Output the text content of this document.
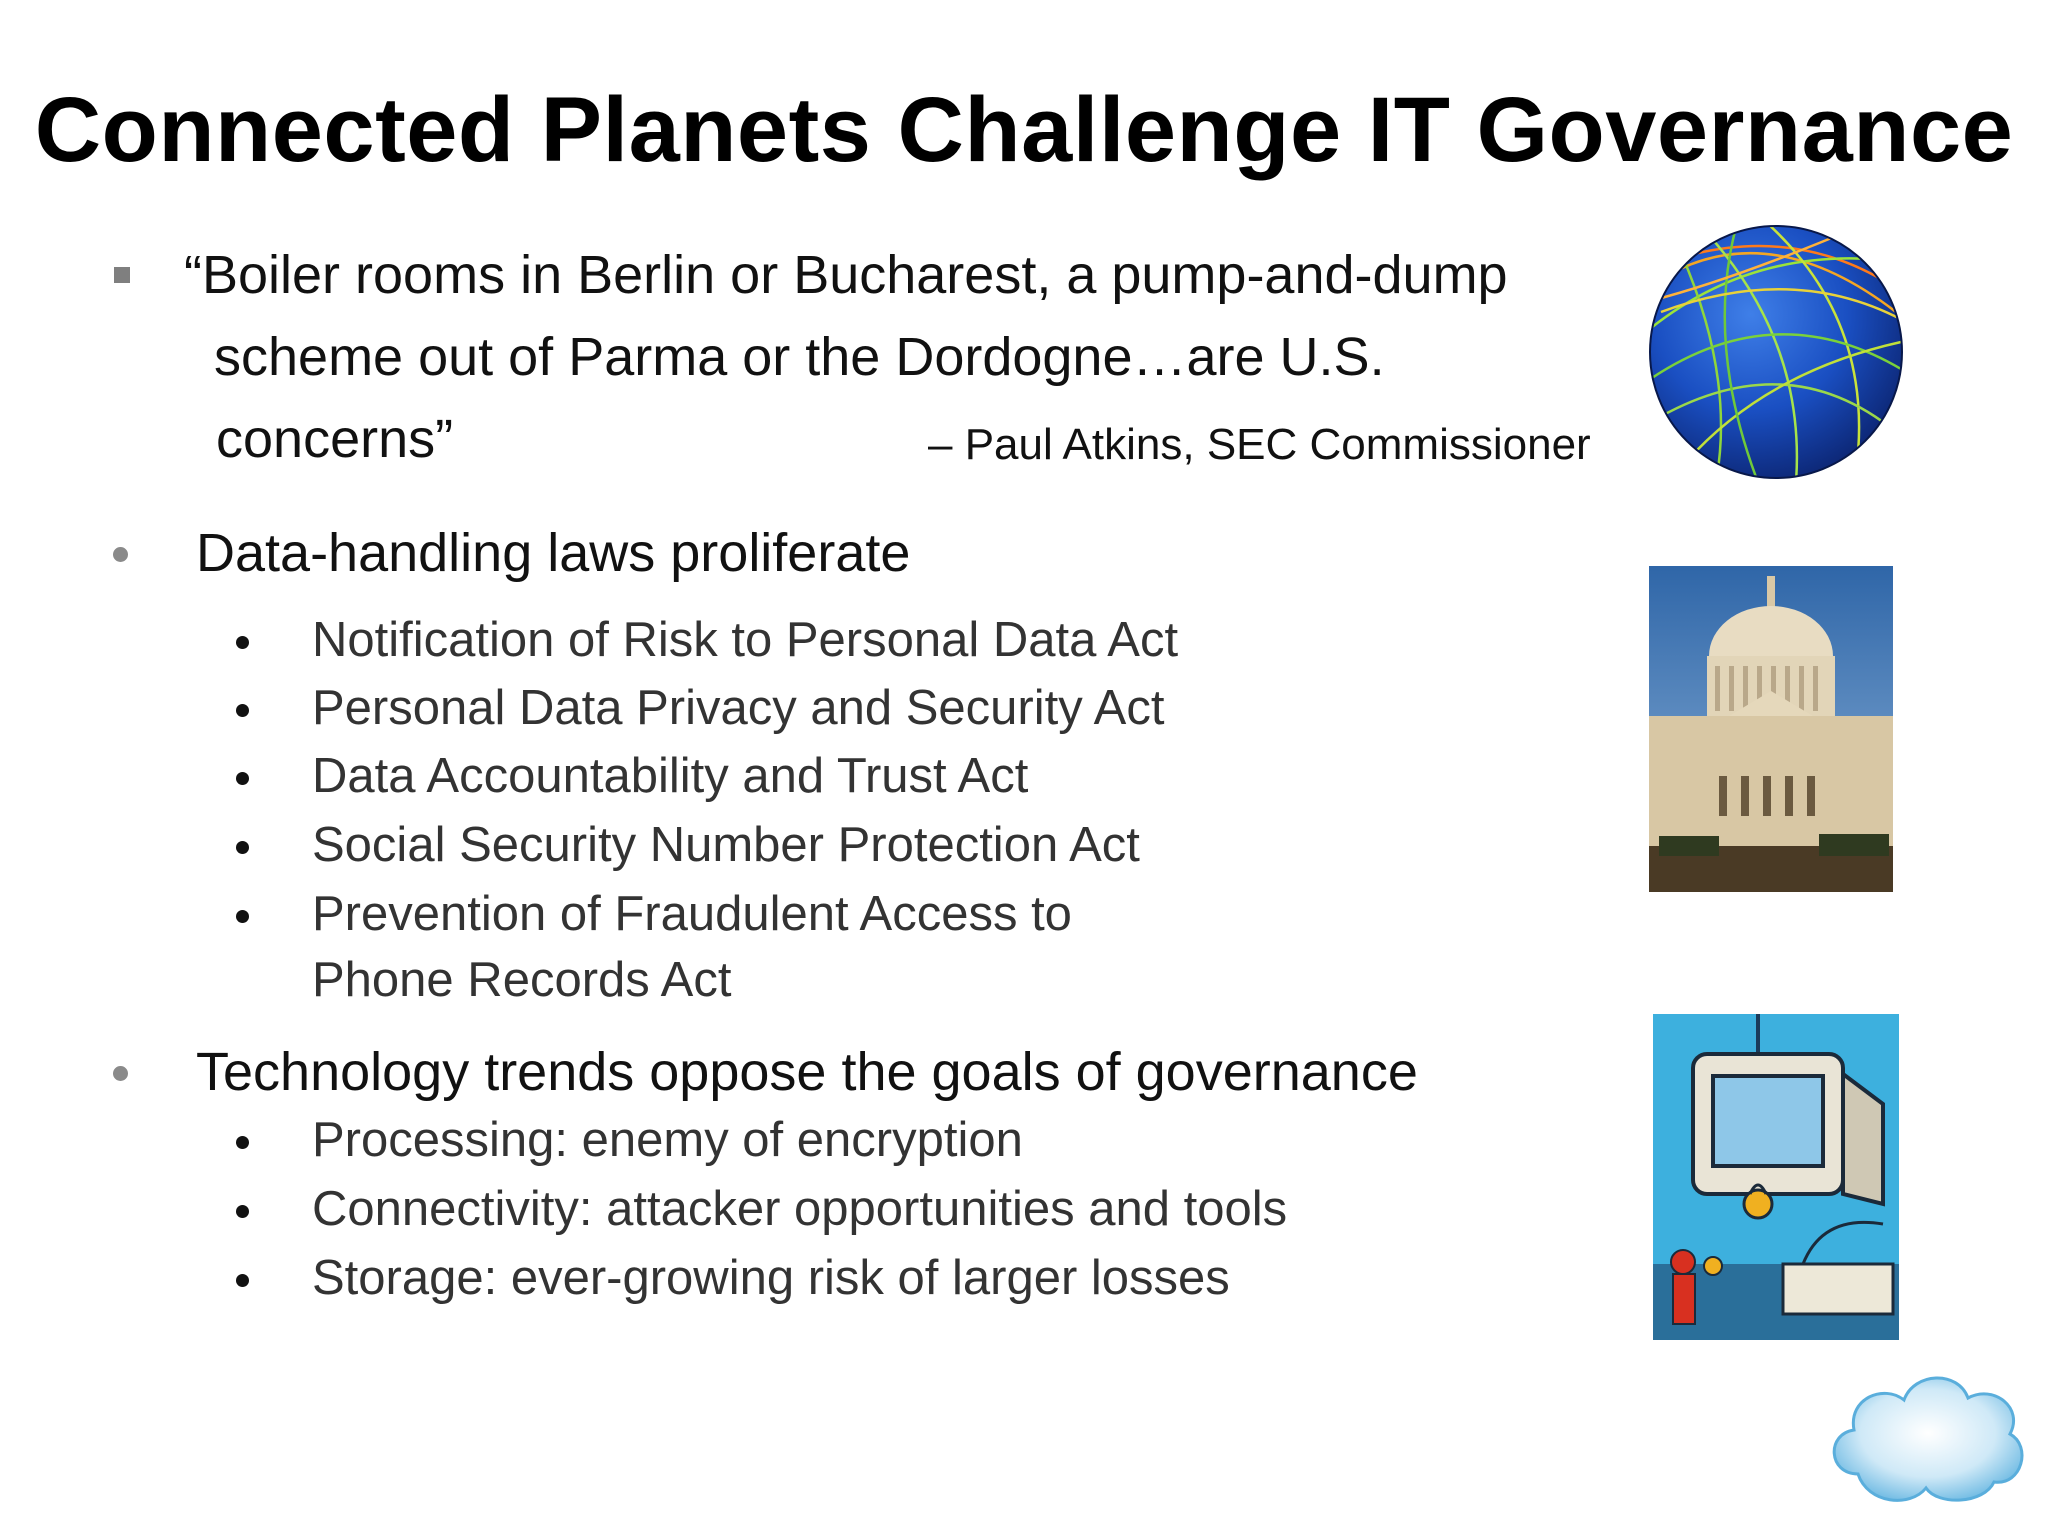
Connected Planets Challenge IT Governance
“Boiler rooms in Berlin or Bucharest, a pump-and-dump
scheme out of Parma or the Dordogne…are U.S.
concerns”	– Paul Atkins, SEC Commissioner
Data-handling laws proliferate
Notification of Risk to Personal Data Act
Personal Data Privacy and Security Act
Data Accountability and Trust Act
Social Security Number Protection Act
Prevention of Fraudulent Access to
Phone Records Act
Technology trends oppose the goals of governance
Processing: enemy of encryption
Connectivity: attacker opportunities and tools
Storage: ever-growing risk of larger losses
